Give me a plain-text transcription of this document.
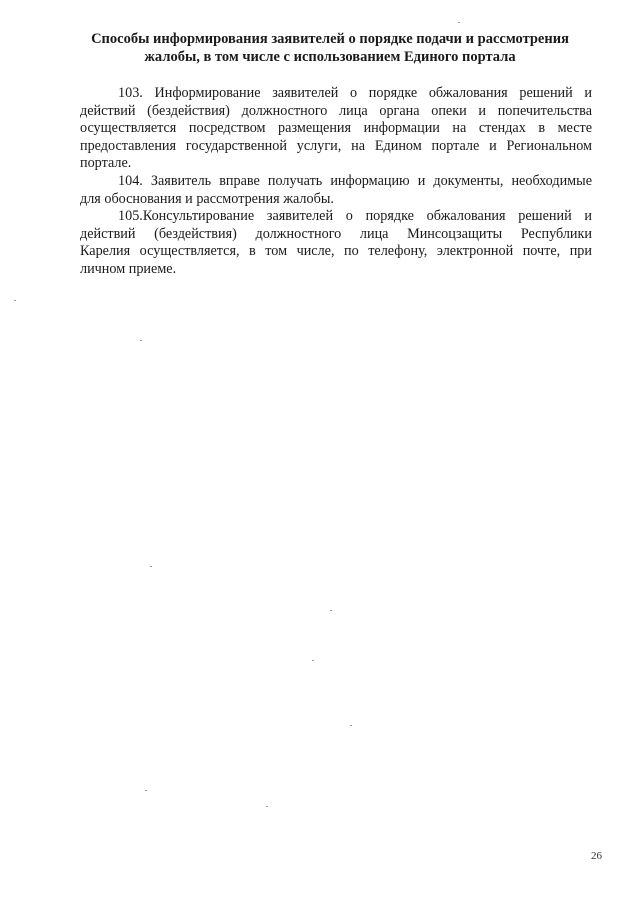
Способы информирования заявителей о порядке подачи и рассмотрения
жалобы, в том числе с использованием Единого портала
103. Информирование заявителей о порядке обжалования решений и
действий (бездействия) должностного лица органа опеки и попечительства
осуществляется посредством размещения информации на стендах в месте
предоставления государственной услуги, на Едином портале и Региональном
портале.
104. Заявитель вправе получать информацию и документы, необходимые
для обоснования и рассмотрения жалобы.
105.Консультирование заявителей о порядке обжалования решений и
действий (бездействия) должностного лица Минсоцзащиты Республики
Карелия осуществляется, в том числе, по телефону, электронной почте, при
личном приеме.
26
